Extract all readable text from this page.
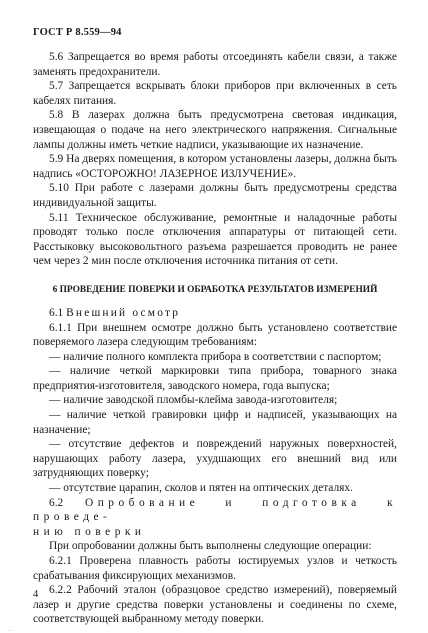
ГОСТ Р 8.559—94

5.6 Запрещается во время работы отсоединять кабели связи, а также заменять предохранители.

5.7 Запрещается вскрывать блоки приборов при включенных в сеть кабелях питания.

5.8 В лазерах должна быть предусмотрена световая индикация, извещающая о подаче на него электрического напряжения. Сигнальные лампы должны иметь четкие надписи, указывающие их назначение.

5.9 На дверях помещения, в котором установлены лазеры, должна быть надпись «ОСТОРОЖНО! ЛАЗЕРНОЕ ИЗЛУЧЕНИЕ».

5.10 При работе с лазерами должны быть предусмотрены средства индивидуальной защиты.

5.11 Техническое обслуживание, ремонтные и наладочные работы проводят только после отключения аппаратуры от питающей сети. Расстыковку высоковольтного разъема разрешается проводить не ранее чем через 2 мин после отключения источника питания от сети.

6 ПРОВЕДЕНИЕ ПОВЕРКИ И ОБРАБОТКА РЕЗУЛЬТАТОВ ИЗМЕРЕНИЙ

6.1 Внешний осмотр

6.1.1 При внешнем осмотре должно быть установлено соответствие поверяемого лазера следующим требованиям:

— наличие полного комплекта прибора в соответствии с паспортом;

— наличие четкой маркировки типа прибора, товарного знака предприятия-изготовителя, заводского номера, года выпуска;

— наличие заводской пломбы-клейма завода-изготовителя;

— наличие четкой гравировки цифр и надписей, указывающих на назначение;

— отсутствие дефектов и повреждений наружных поверхностей, нарушающих работу лазера, ухудшающих его внешний вид или затрудняющих поверку;

— отсутствие царапин, сколов и пятен на оптических деталях.

6.2 Опробование и подготовка к проведе-

нию поверки

При опробовании должны быть выполнены следующие операции:

6.2.1 Проверена плавность работы юстируемых узлов и четкость срабатывания фиксирующих механизмов.

6.2.2 Рабочий эталон (образцовое средство измерений), поверяемый лазер и другие средства поверки установлены и соединены по схеме, соответствующей выбранному методу поверки.

4
.
